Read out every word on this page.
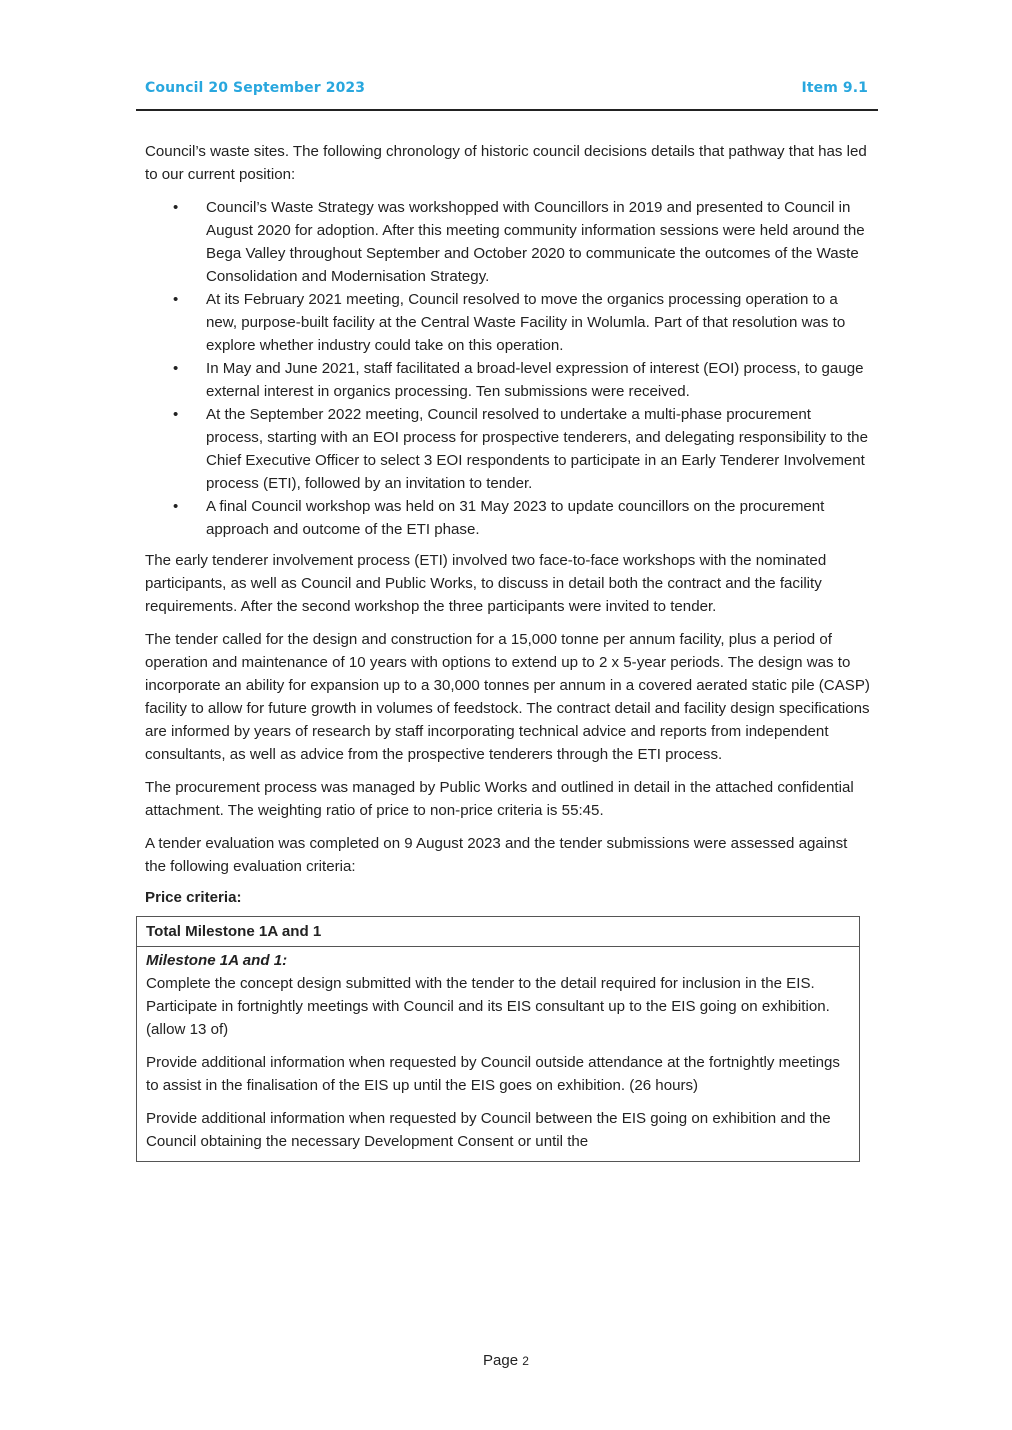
Council 20 September 2023	Item 9.1

Council’s waste sites. The following chronology of historic council decisions details that pathway that has led to our current position:

• Council’s Waste Strategy was workshopped with Councillors in 2019 and presented to Council in August 2020 for adoption. After this meeting community information sessions were held around the Bega Valley throughout September and October 2020 to communicate the outcomes of the Waste Consolidation and Modernisation Strategy.
• At its February 2021 meeting, Council resolved to move the organics processing operation to a new, purpose-built facility at the Central Waste Facility in Wolumla. Part of that resolution was to explore whether industry could take on this operation.
• In May and June 2021, staff facilitated a broad-level expression of interest (EOI) process, to gauge external interest in organics processing. Ten submissions were received.
• At the September 2022 meeting, Council resolved to undertake a multi-phase procurement process, starting with an EOI process for prospective tenderers, and delegating responsibility to the Chief Executive Officer to select 3 EOI respondents to participate in an Early Tenderer Involvement process (ETI), followed by an invitation to tender.
• A final Council workshop was held on 31 May 2023 to update councillors on the procurement approach and outcome of the ETI phase.

The early tenderer involvement process (ETI) involved two face-to-face workshops with the nominated participants, as well as Council and Public Works, to discuss in detail both the contract and the facility requirements. After the second workshop the three participants were invited to tender.

The tender called for the design and construction for a 15,000 tonne per annum facility, plus a period of operation and maintenance of 10 years with options to extend up to 2 x 5-year periods. The design was to incorporate an ability for expansion up to a 30,000 tonnes per annum in a covered aerated static pile (CASP) facility to allow for future growth in volumes of feedstock. The contract detail and facility design specifications are informed by years of research by staff incorporating technical advice and reports from independent consultants, as well as advice from the prospective tenderers through the ETI process.

The procurement process was managed by Public Works and outlined in detail in the attached confidential attachment. The weighting ratio of price to non-price criteria is 55:45.

A tender evaluation was completed on 9 August 2023 and the tender submissions were assessed against the following evaluation criteria:

Price criteria:
Total Milestone 1A and 1
Milestone 1A and 1:
Complete the concept design submitted with the tender to the detail required for inclusion in the EIS.

Participate in fortnightly meetings with Council and its EIS consultant up to the EIS going on exhibition. (allow 13 of)

Provide additional information when requested by Council outside attendance at the fortnightly meetings to assist in the finalisation of the EIS up until the EIS goes on exhibition. (26 hours)

Provide additional information when requested by Council between the EIS going on exhibition and the Council obtaining the necessary Development Consent or until the

Page 2
